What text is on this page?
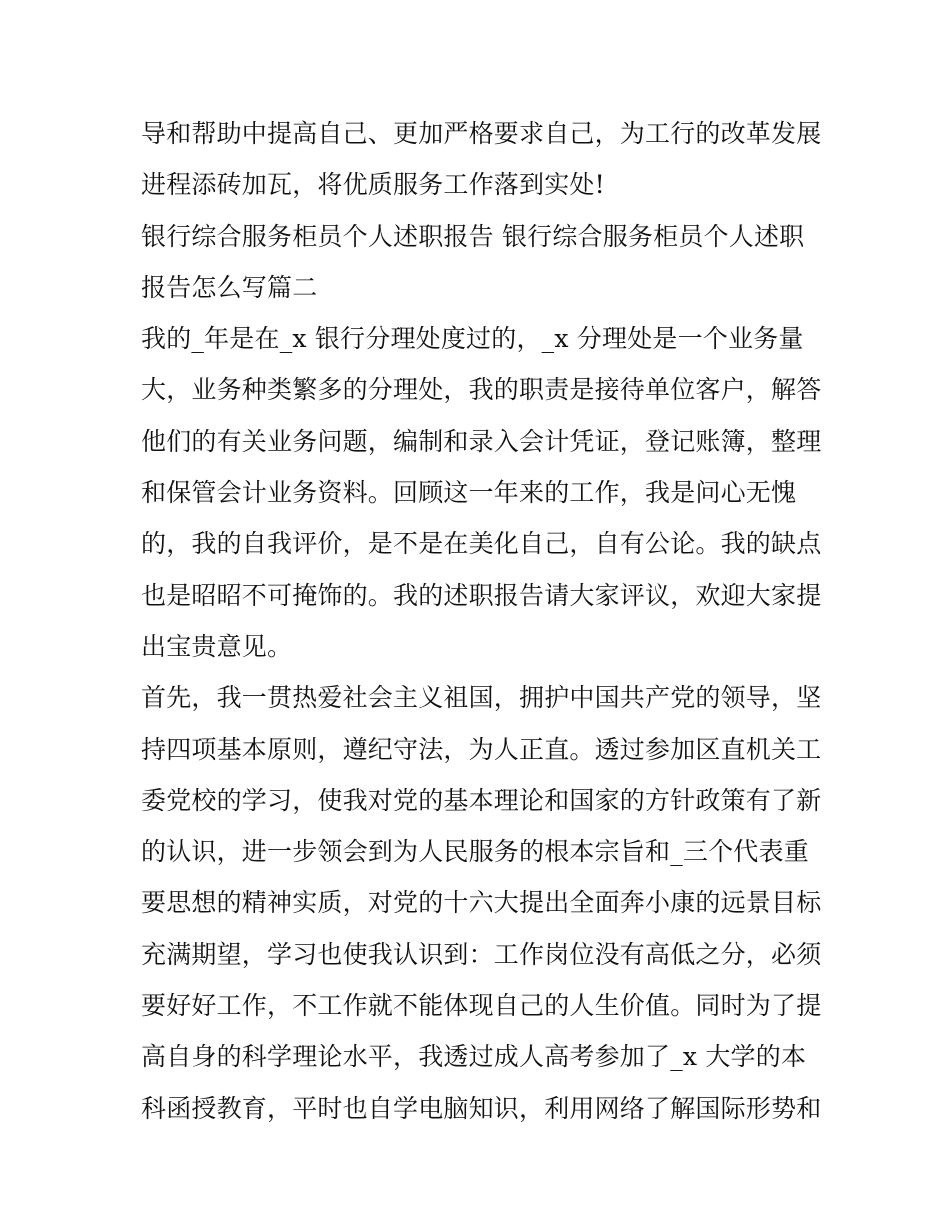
导和帮助中提高自己、更加严格要求自己，为工行的改革发展
进程添砖加瓦，将优质服务工作落到实处!
银行综合服务柜员个人述职报告 银行综合服务柜员个人述职
报告怎么写篇二
我的_年是在_x 银行分理处度过的，_x 分理处是一个业务量
大，业务种类繁多的分理处，我的职责是接待单位客户，解答
他们的有关业务问题，编制和录入会计凭证，登记账簿，整理
和保管会计业务资料。回顾这一年来的工作，我是问心无愧
的，我的自我评价，是不是在美化自己，自有公论。我的缺点
也是昭昭不可掩饰的。我的述职报告请大家评议，欢迎大家提
出宝贵意见。
首先，我一贯热爱社会主义祖国，拥护中国共产党的领导，坚
持四项基本原则，遵纪守法，为人正直。透过参加区直机关工
委党校的学习，使我对党的基本理论和国家的方针政策有了新
的认识，进一步领会到为人民服务的根本宗旨和_三个代表重
要思想的精神实质，对党的十六大提出全面奔小康的远景目标
充满期望，学习也使我认识到：工作岗位没有高低之分，必须
要好好工作，不工作就不能体现自己的人生价值。同时为了提
高自身的科学理论水平，我透过成人高考参加了_x 大学的本
科函授教育，平时也自学电脑知识，利用网络了解国际形势和
